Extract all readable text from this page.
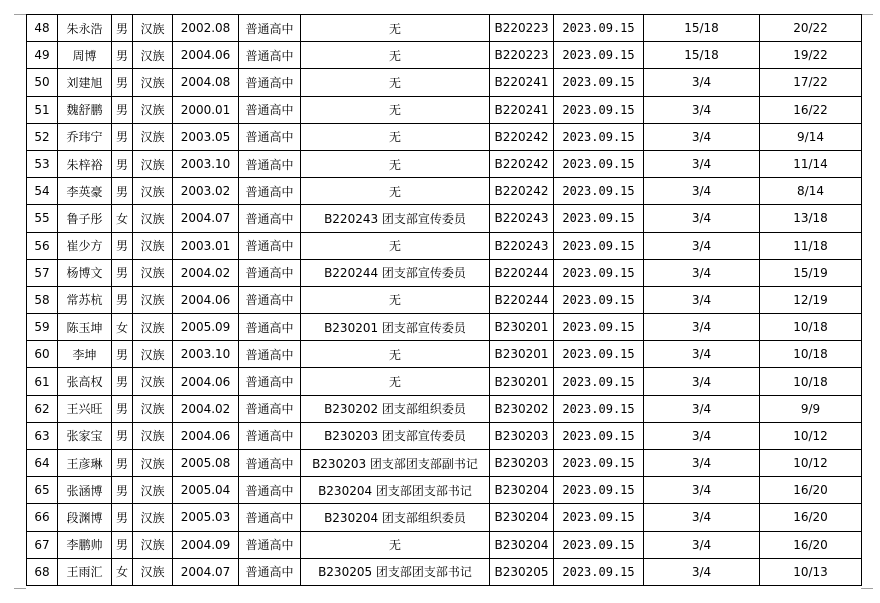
48	朱永浩	男	汉族	2002.08	普通高中	无	B220223	2023.09.15	15/18	20/22
49	周博	男	汉族	2004.06	普通高中	无	B220223	2023.09.15	15/18	19/22
50	刘建旭	男	汉族	2004.08	普通高中	无	B220241	2023.09.15	3/4	17/22
51	魏舒鹏	男	汉族	2000.01	普通高中	无	B220241	2023.09.15	3/4	16/22
52	乔玮宁	男	汉族	2003.05	普通高中	无	B220242	2023.09.15	3/4	9/14
53	朱梓裕	男	汉族	2003.10	普通高中	无	B220242	2023.09.15	3/4	11/14
54	李英豪	男	汉族	2003.02	普通高中	无	B220242	2023.09.15	3/4	8/14
55	鲁子彤	女	汉族	2004.07	普通高中	B220243 团支部宣传委员	B220243	2023.09.15	3/4	13/18
56	崔少方	男	汉族	2003.01	普通高中	无	B220243	2023.09.15	3/4	11/18
57	杨博文	男	汉族	2004.02	普通高中	B220244 团支部宣传委员	B220244	2023.09.15	3/4	15/19
58	常苏杭	男	汉族	2004.06	普通高中	无	B220244	2023.09.15	3/4	12/19
59	陈玉坤	女	汉族	2005.09	普通高中	B230201 团支部宣传委员	B230201	2023.09.15	3/4	10/18
60	李坤	男	汉族	2003.10	普通高中	无	B230201	2023.09.15	3/4	10/18
61	张高权	男	汉族	2004.06	普通高中	无	B230201	2023.09.15	3/4	10/18
62	王兴旺	男	汉族	2004.02	普通高中	B230202 团支部组织委员	B230202	2023.09.15	3/4	9/9
63	张家宝	男	汉族	2004.06	普通高中	B230203 团支部宣传委员	B230203	2023.09.15	3/4	10/12
64	王彦琳	男	汉族	2005.08	普通高中	B230203 团支部团支部副书记	B230203	2023.09.15	3/4	10/12
65	张涵博	男	汉族	2005.04	普通高中	B230204 团支部团支部书记	B230204	2023.09.15	3/4	16/20
66	段渊博	男	汉族	2005.03	普通高中	B230204 团支部组织委员	B230204	2023.09.15	3/4	16/20
67	李鹏帅	男	汉族	2004.09	普通高中	无	B230204	2023.09.15	3/4	16/20
68	王雨汇	女	汉族	2004.07	普通高中	B230205 团支部团支部书记	B230205	2023.09.15	3/4	10/13
